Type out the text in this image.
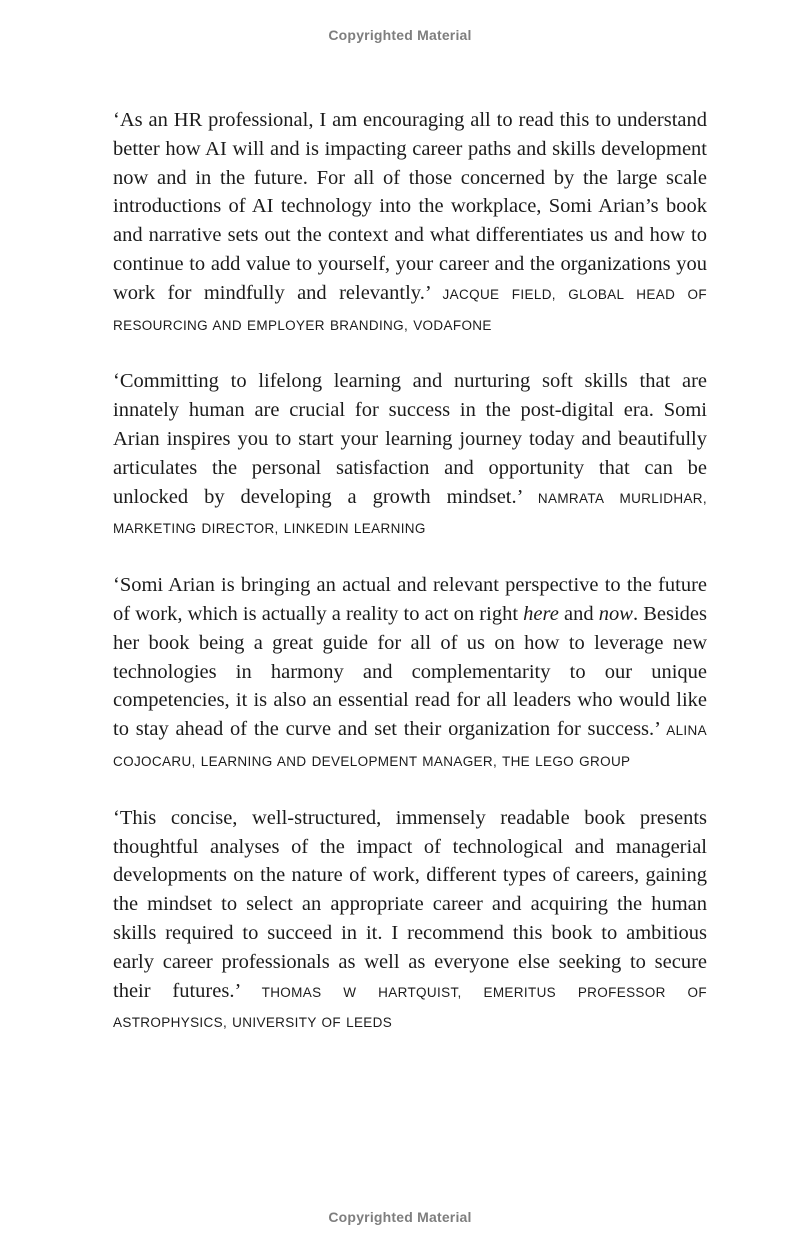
Copyrighted Material

‘As an HR professional, I am encouraging all to read this to understand better how AI will and is impacting career paths and skills development now and in the future. For all of those concerned by the large scale introductions of AI technology into the workplace, Somi Arian’s book and narrative sets out the context and what differentiates us and how to continue to add value to yourself, your career and the organizations you work for mindfully and relevantly.’ JACQUE FIELD, GLOBAL HEAD OF RESOURCING AND EMPLOYER BRANDING, VODAFONE

‘Committing to lifelong learning and nurturing soft skills that are innately human are crucial for success in the post-digital era. Somi Arian inspires you to start your learning journey today and beautifully articulates the personal satisfaction and opportunity that can be unlocked by developing a growth mindset.’ NAMRATA MURLIDHAR, MARKETING DIRECTOR, LINKEDIN LEARNING

‘Somi Arian is bringing an actual and relevant perspective to the future of work, which is actually a reality to act on right here and now. Besides her book being a great guide for all of us on how to leverage new technologies in harmony and complementarity to our unique competencies, it is also an essential read for all leaders who would like to stay ahead of the curve and set their organization for success.’ ALINA COJOCARU, LEARNING AND DEVELOPMENT MANAGER, THE LEGO GROUP

‘This concise, well-structured, immensely readable book presents thoughtful analyses of the impact of technological and managerial developments on the nature of work, different types of careers, gaining the mindset to select an appropriate career and acquiring the human skills required to succeed in it. I recommend this book to ambitious early career professionals as well as everyone else seeking to secure their futures.’ THOMAS W HARTQUIST, EMERITUS PROFESSOR OF ASTROPHYSICS, UNIVERSITY OF LEEDS

Copyrighted Material
